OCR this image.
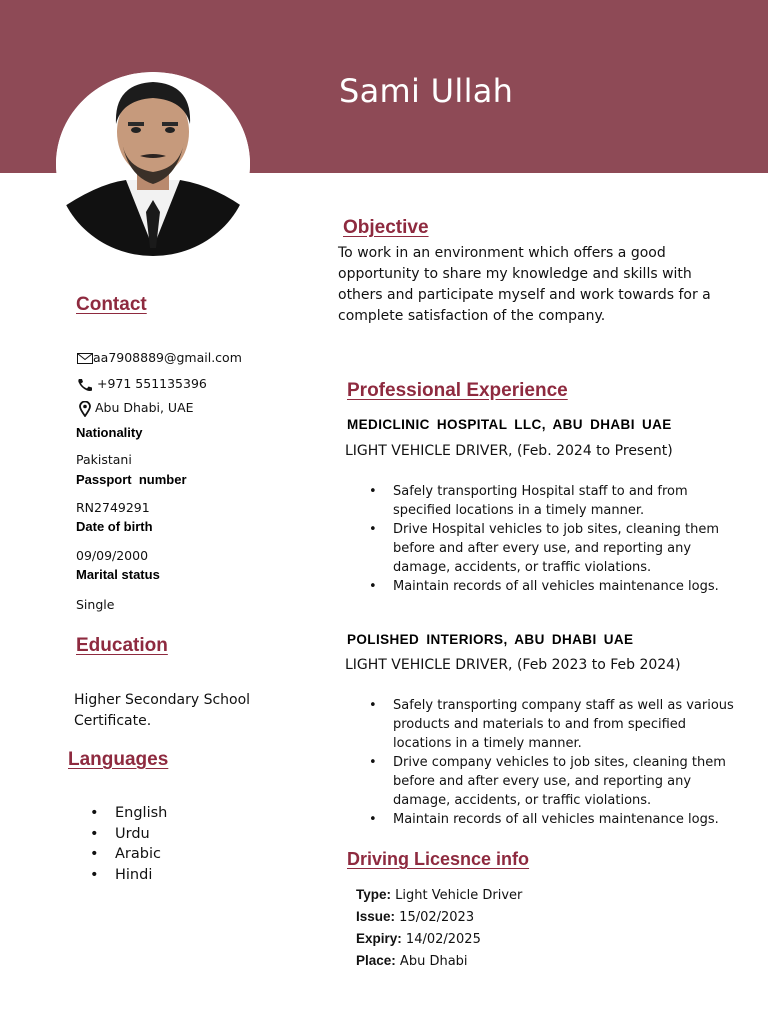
Sami Ullah
Contact
aa7908889@gmail.com
+971 551135396
Abu Dhabi, UAE
Nationality
Pakistani
Passport  number
RN2749291
Date of birth
09/09/2000
Marital status
Single
Education
Higher Secondary School Certificate.
Languages
• English
• Urdu
• Arabic
• Hindi
Objective
To work in an environment which offers a good opportunity to share my knowledge and skills with others and participate myself and work towards for a complete satisfaction of the company.
Professional Experience
MEDICLINIC HOSPITAL LLC, ABU DHABI UAE
LIGHT VEHICLE DRIVER, (Feb. 2024 to Present)
• Safely transporting Hospital staff to and from specified locations in a timely manner.
• Drive Hospital vehicles to job sites, cleaning them before and after every use, and reporting any damage, accidents, or traffic violations.
• Maintain records of all vehicles maintenance logs.
POLISHED INTERIORS, ABU DHABI UAE
LIGHT VEHICLE DRIVER, (Feb 2023 to Feb 2024)
• Safely transporting company staff as well as various products and materials to and from specified locations in a timely manner.
• Drive company vehicles to job sites, cleaning them before and after every use, and reporting any damage, accidents, or traffic violations.
• Maintain records of all vehicles maintenance logs.
Driving Licesnce info
Type: Light Vehicle Driver
Issue: 15/02/2023
Expiry: 14/02/2025
Place: Abu Dhabi
